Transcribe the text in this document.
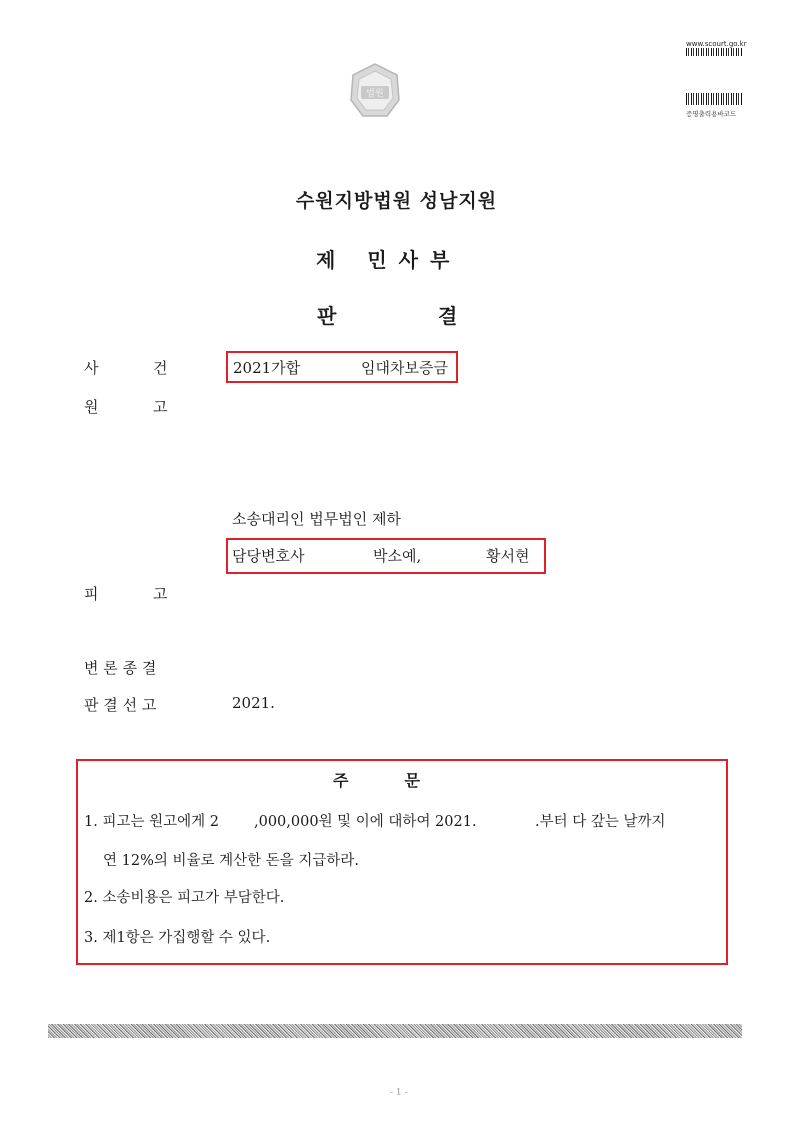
법원
www.scourt.go.kr
증명출력용바코드
수원지방법원 성남지원
제 민 사 부
판	결
사	건	2021가합	임대차보증금
원	고
소송대리인 법무법인 제하
담당변호사	박소예,	황서현
피	고
변 론 종 결
판 결 선 고	2021.
주	문
1. 피고는 원고에게 2 ,000,000원 및 이에 대하여 2021.	.부터 다 갚는 날까지
연 12%의 비율로 계산한 돈을 지급하라.
2. 소송비용은 피고가 부담한다.
3. 제1항은 가집행할 수 있다.
- 1 -
